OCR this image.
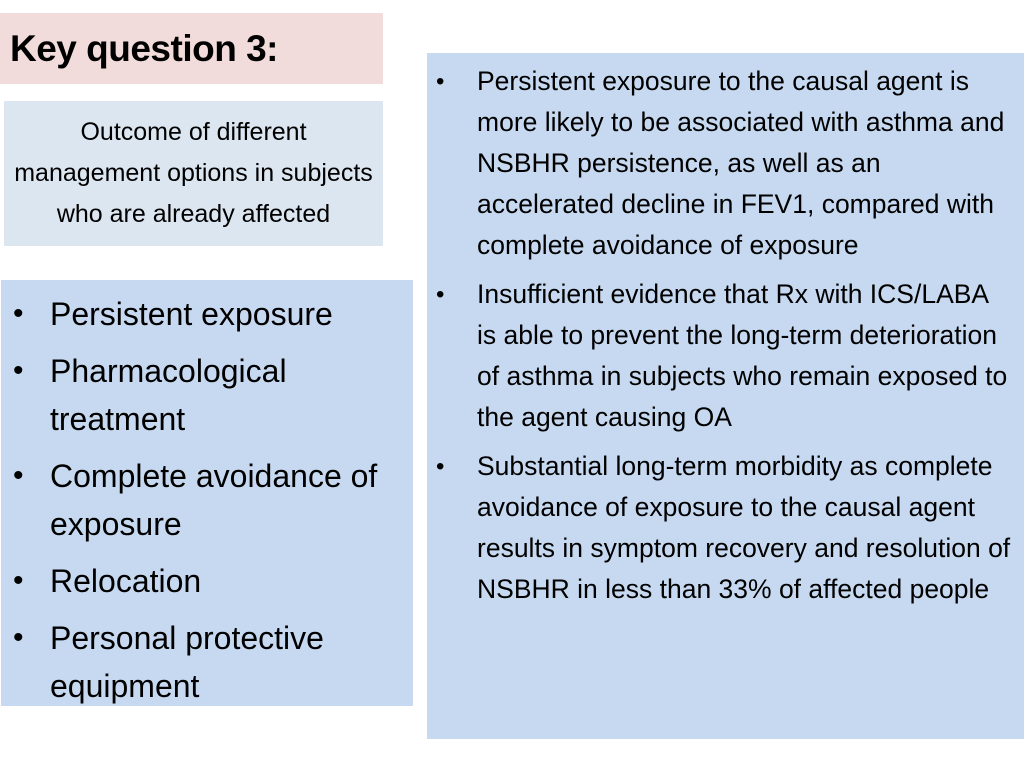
Key question 3:

Outcome of different management options in subjects who are already affected

• Persistent exposure
• Pharmacological treatment
• Complete avoidance of exposure
• Relocation
• Personal protective equipment
• Persistent exposure to the causal agent is more likely to be associated with asthma and NSBHR persistence, as well as an accelerated decline in FEV1, compared with complete avoidance of exposure
• Insufficient evidence that Rx with ICS/LABA is able to prevent the long-term deterioration of asthma in subjects who remain exposed to the agent causing OA
• Substantial long-term morbidity as complete avoidance of exposure to the causal agent results in symptom recovery and resolution of NSBHR in less than 33% of affected people
